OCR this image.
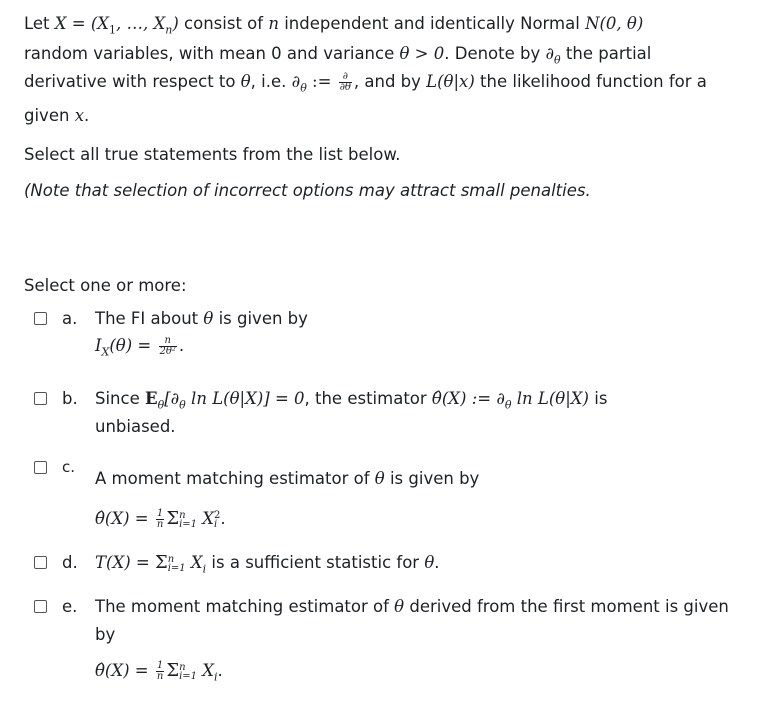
Let $X = (X_1$, …, $X_n$) consist of n independent and identically Normal N(0, θ)
random variables, with mean 0 and variance θ > 0. Denote by $\partial_\theta$ the partial
derivative with respect to θ, i.e. $\partial_\theta$ := $\frac{\partial}{\partial\theta}$ , and by L(θ|x) the likelihood function for a
given x.
Select all true statements from the list below.
(Note that selection of incorrect options may attract small penalties.
Select one or more:
a. The FI about θ is given by
$I_X(\theta) = \frac{n}{\text{2θ²}}$ .
b. Since $E_\theta[\partial_\theta$ ln L(θ|X)] = 0, the estimator θ̂(X) := $\partial_\theta$ ln L(θ|X) is
unbiased.
c.
A moment matching estimator of θ is given by
θ̂(X) = $\frac{1}{n}$ Σ n
i=1 X 2
i .
d. T(X) = Σ n
i=1 $X_i$ is a sufficient statistic for θ.
e. The moment matching estimator of θ derived from the first moment is given
by
θ̂(X) = $\frac{1}{n}$ Σ n
i=1 $X_i$.
